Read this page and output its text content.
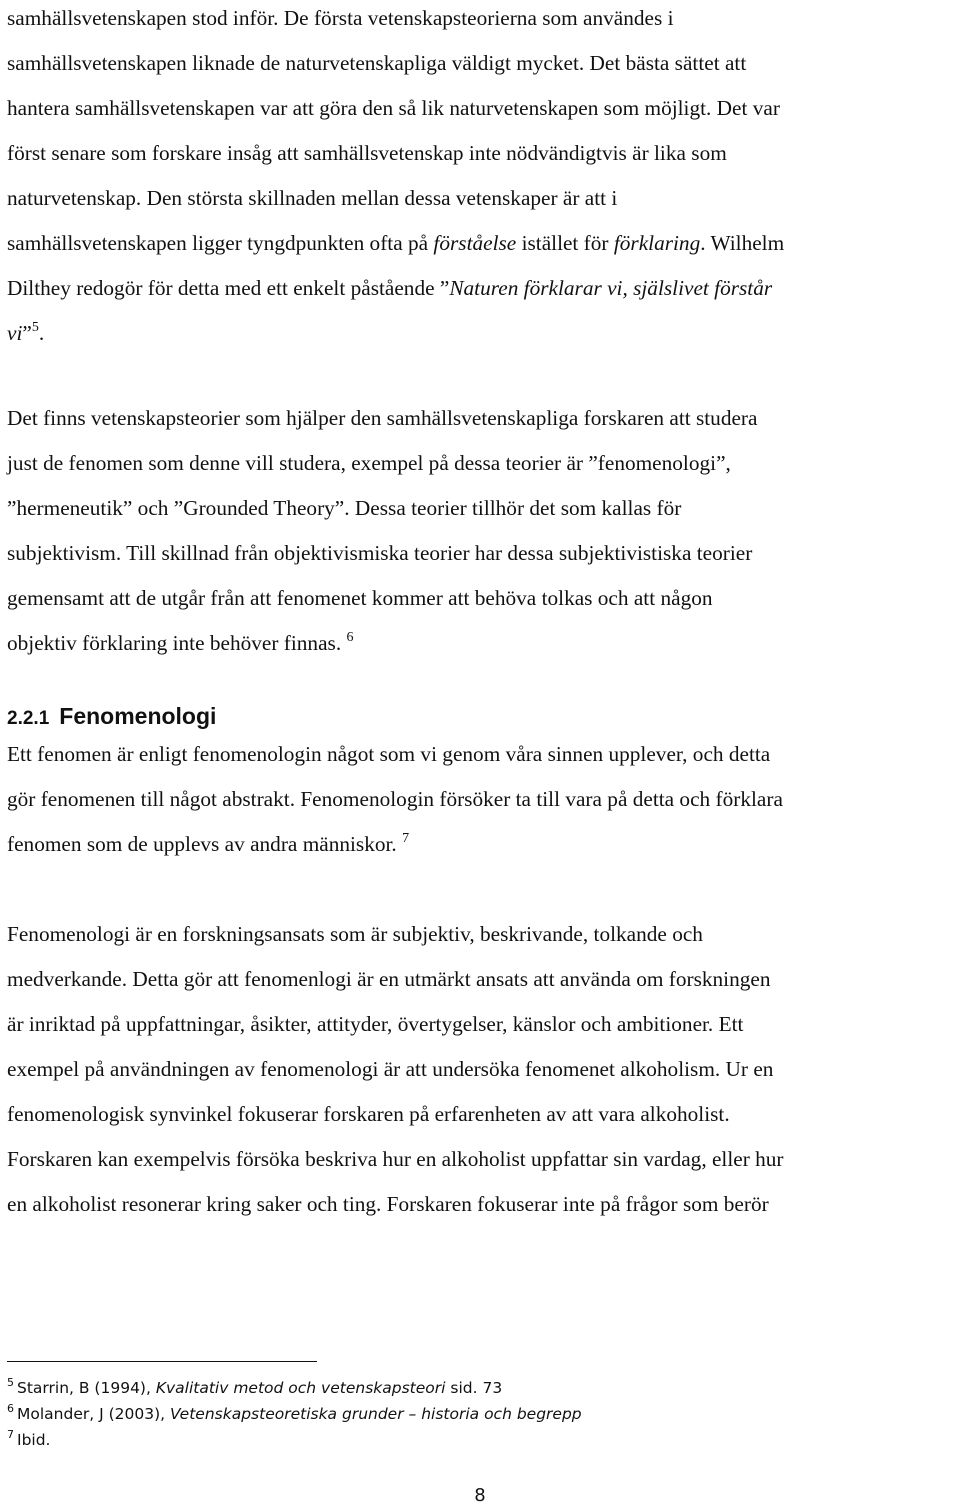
samhällsvetenskapen stod inför. De första vetenskapsteorierna som användes i
samhällsvetenskapen liknade de naturvetenskapliga väldigt mycket. Det bästa sättet att
hantera samhällsvetenskapen var att göra den så lik naturvetenskapen som möjligt. Det var
först senare som forskare insåg att samhällsvetenskap inte nödvändigtvis är lika som
naturvetenskap. Den största skillnaden mellan dessa vetenskaper är att i
samhällsvetenskapen ligger tyngdpunkten ofta på förståelse istället för förklaring. Wilhelm
Dilthey redogör för detta med ett enkelt påstående ”Naturen förklarar vi, själslivet förstår
vi”$^5$.
Det finns vetenskapsteorier som hjälper den samhällsvetenskapliga forskaren att studera
just de fenomen som denne vill studera, exempel på dessa teorier är ”fenomenologi”,
”hermeneutik” och ”Grounded Theory”. Dessa teorier tillhör det som kallas för
subjektivism. Till skillnad från objektivismiska teorier har dessa subjektivistiska teorier
gemensamt att de utgår från att fenomenet kommer att behöva tolkas och att någon
objektiv förklaring inte behöver finnas. $^6$
2.2.1 Fenomenologi
Ett fenomen är enligt fenomenologin något som vi genom våra sinnen upplever, och detta
gör fenomenen till något abstrakt. Fenomenologin försöker ta till vara på detta och förklara
fenomen som de upplevs av andra människor. $^7$
Fenomenologi är en forskningsansats som är subjektiv, beskrivande, tolkande och
medverkande. Detta gör att fenomenlogi är en utmärkt ansats att använda om forskningen
är inriktad på uppfattningar, åsikter, attityder, övertygelser, känslor och ambitioner. Ett
exempel på användningen av fenomenologi är att undersöka fenomenet alkoholism. Ur en
fenomenologisk synvinkel fokuserar forskaren på erfarenheten av att vara alkoholist.
Forskaren kan exempelvis försöka beskriva hur en alkoholist uppfattar sin vardag, eller hur
en alkoholist resonerar kring saker och ting. Forskaren fokuserar inte på frågor som berör
$^5$ Starrin, B (1994), Kvalitativ metod och vetenskapsteori sid. 73
$^6$ Molander, J (2003), Vetenskapsteoretiska grunder – historia och begrepp
$^7$ Ibid.
8
